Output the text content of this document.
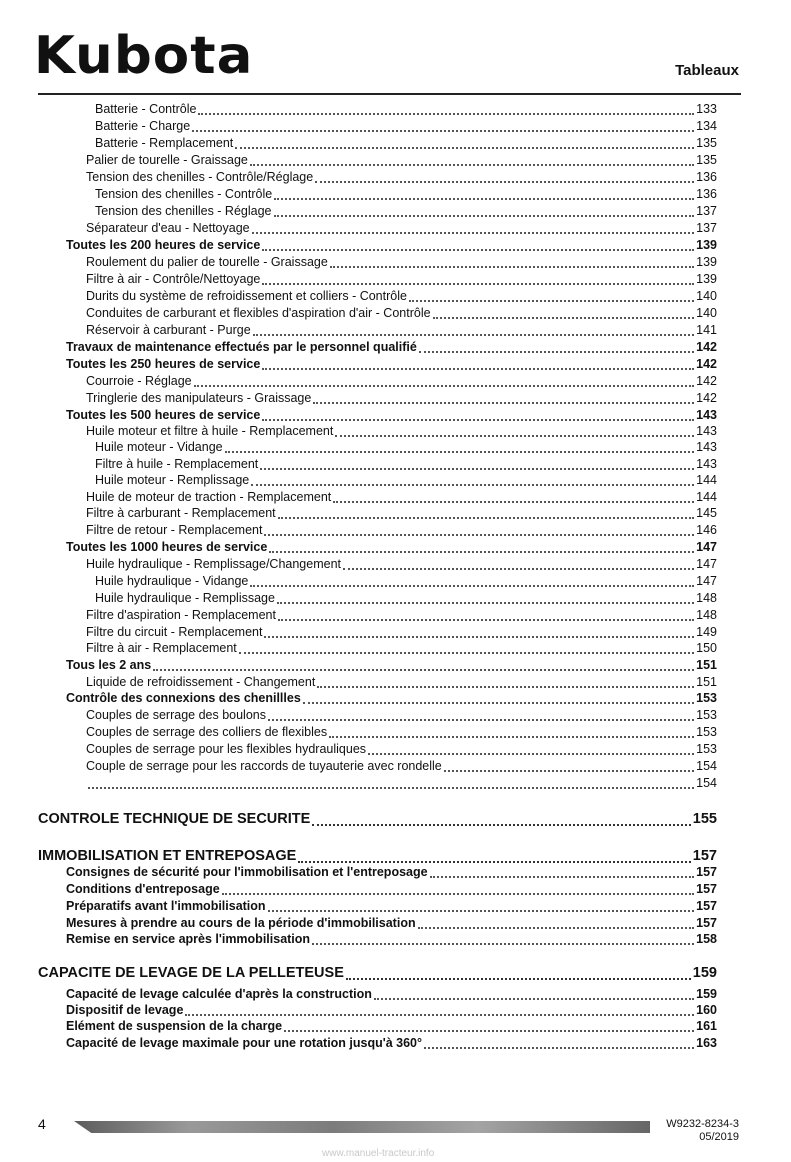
Kubota	Tableaux
Batterie - Contrôle	133
Batterie - Charge	134
Batterie - Remplacement	135
Palier de tourelle - Graissage	135
Tension des chenilles - Contrôle/Réglage	136
Tension des chenilles - Contrôle	136
Tension des chenilles - Réglage	137
Séparateur d'eau - Nettoyage	137
Toutes les 200 heures de service	139
Roulement du palier de tourelle - Graissage	139
Filtre à air - Contrôle/Nettoyage	139
Durits du système de refroidissement et colliers - Contrôle	140
Conduites de carburant et flexibles d'aspiration d'air - Contrôle	140
Réservoir à carburant - Purge	141
Travaux de maintenance effectués par le personnel qualifié	142
Toutes les 250 heures de service	142
Courroie - Réglage	142
Tringlerie des manipulateurs - Graissage	142
Toutes les 500 heures de service	143
Huile moteur et filtre à huile - Remplacement	143
Huile moteur - Vidange	143
Filtre à huile - Remplacement	143
Huile moteur - Remplissage	144
Huile de moteur de traction - Remplacement	144
Filtre à carburant - Remplacement	145
Filtre de retour - Remplacement	146
Toutes les 1000 heures de service	147
Huile hydraulique - Remplissage/Changement	147
Huile hydraulique - Vidange	147
Huile hydraulique - Remplissage	148
Filtre d'aspiration - Remplacement	148
Filtre du circuit - Remplacement	149
Filtre à air - Remplacement	150
Tous les 2 ans	151
Liquide de refroidissement - Changement	151
Contrôle des connexions des chenillles	153
Couples de serrage des boulons	153
Couples de serrage des colliers de flexibles	153
Couples de serrage pour les flexibles hydrauliques	153
Couple de serrage pour les raccords de tuyauterie avec rondelle	154
154
CONTROLE TECHNIQUE DE SECURITE	155
IMMOBILISATION ET ENTREPOSAGE	157
Consignes de sécurité pour l'immobilisation et l'entreposage	157
Conditions d'entreposage	157
Préparatifs avant l'immobilisation	157
Mesures à prendre au cours de la période d'immobilisation	157
Remise en service après l'immobilisation	158
CAPACITE DE LEVAGE DE LA PELLETEUSE	159
Capacité de levage calculée d'après la construction	159
Dispositif de levage	160
Elément de suspension de la charge	161
Capacité de levage maximale pour une rotation jusqu'à 360°	163
4	W9232-8234-3
05/2019
www.manuel-tracteur.info
